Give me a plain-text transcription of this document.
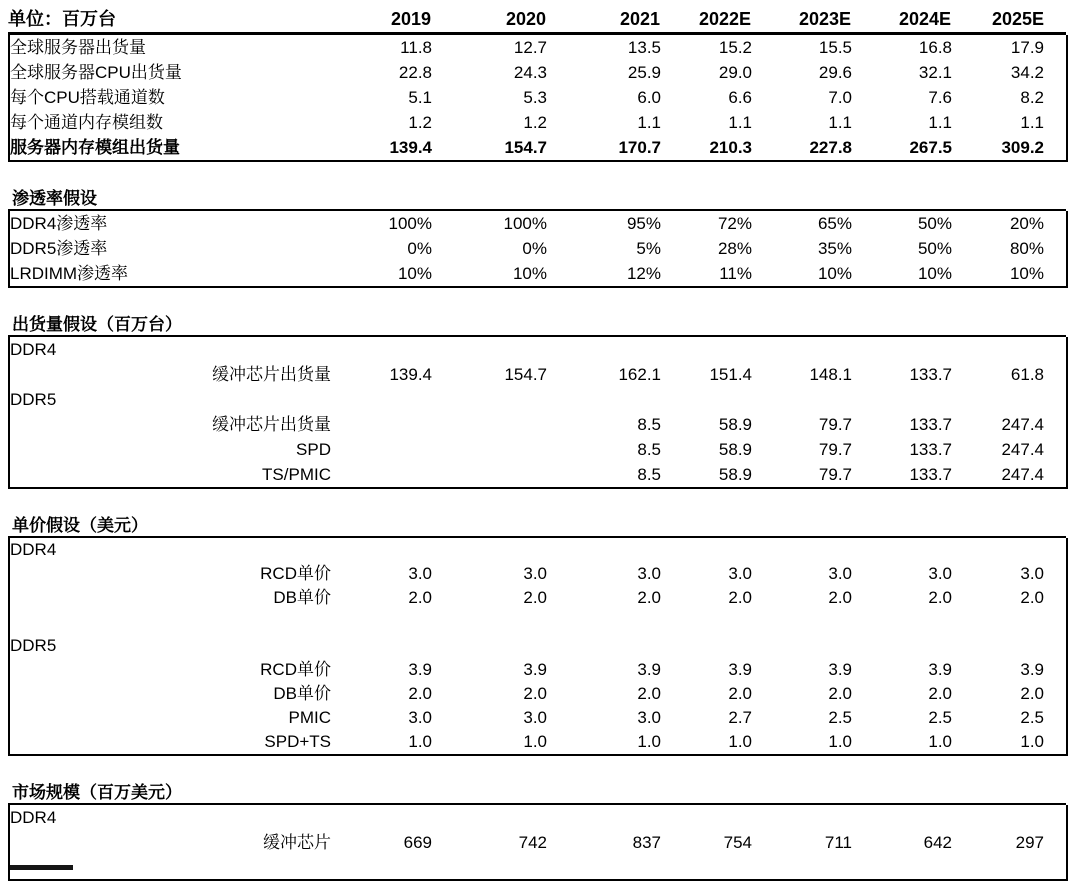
单位：百万台	2019	2020	2021	2022E	2023E	2024E	2025E
全球服务器出货量	11.8	12.7	13.5	15.2	15.5	16.8	17.9
全球服务器CPU出货量	22.8	24.3	25.9	29.0	29.6	32.1	34.2
每个CPU搭载通道数	5.1	5.3	6.0	6.6	7.0	7.6	8.2
每个通道内存模组数	1.2	1.2	1.1	1.1	1.1	1.1	1.1
服务器内存模组出货量	139.4	154.7	170.7	210.3	227.8	267.5	309.2
渗透率假设
DDR4渗透率	100%	100%	95%	72%	65%	50%	20%
DDR5渗透率	0%	0%	5%	28%	35%	50%	80%
LRDIMM渗透率	10%	10%	12%	11%	10%	10%	10%
出货量假设（百万台）
DDR4							
缓冲芯片出货量	139.4	154.7	162.1	151.4	148.1	133.7	61.8
DDR5							
缓冲芯片出货量			8.5	58.9	79.7	133.7	247.4
SPD			8.5	58.9	79.7	133.7	247.4
TS/PMIC			8.5	58.9	79.7	133.7	247.4
单价假设（美元）
DDR4							
RCD单价	3.0	3.0	3.0	3.0	3.0	3.0	3.0
DB单价	2.0	2.0	2.0	2.0	2.0	2.0	2.0

DDR5							
RCD单价	3.9	3.9	3.9	3.9	3.9	3.9	3.9
DB单价	2.0	2.0	2.0	2.0	2.0	2.0	2.0
PMIC	3.0	3.0	3.0	2.7	2.5	2.5	2.5
SPD+TS	1.0	1.0	1.0	1.0	1.0	1.0	1.0
市场规模（百万美元）
DDR4							
缓冲芯片	669	742	837	754	711	642	297
